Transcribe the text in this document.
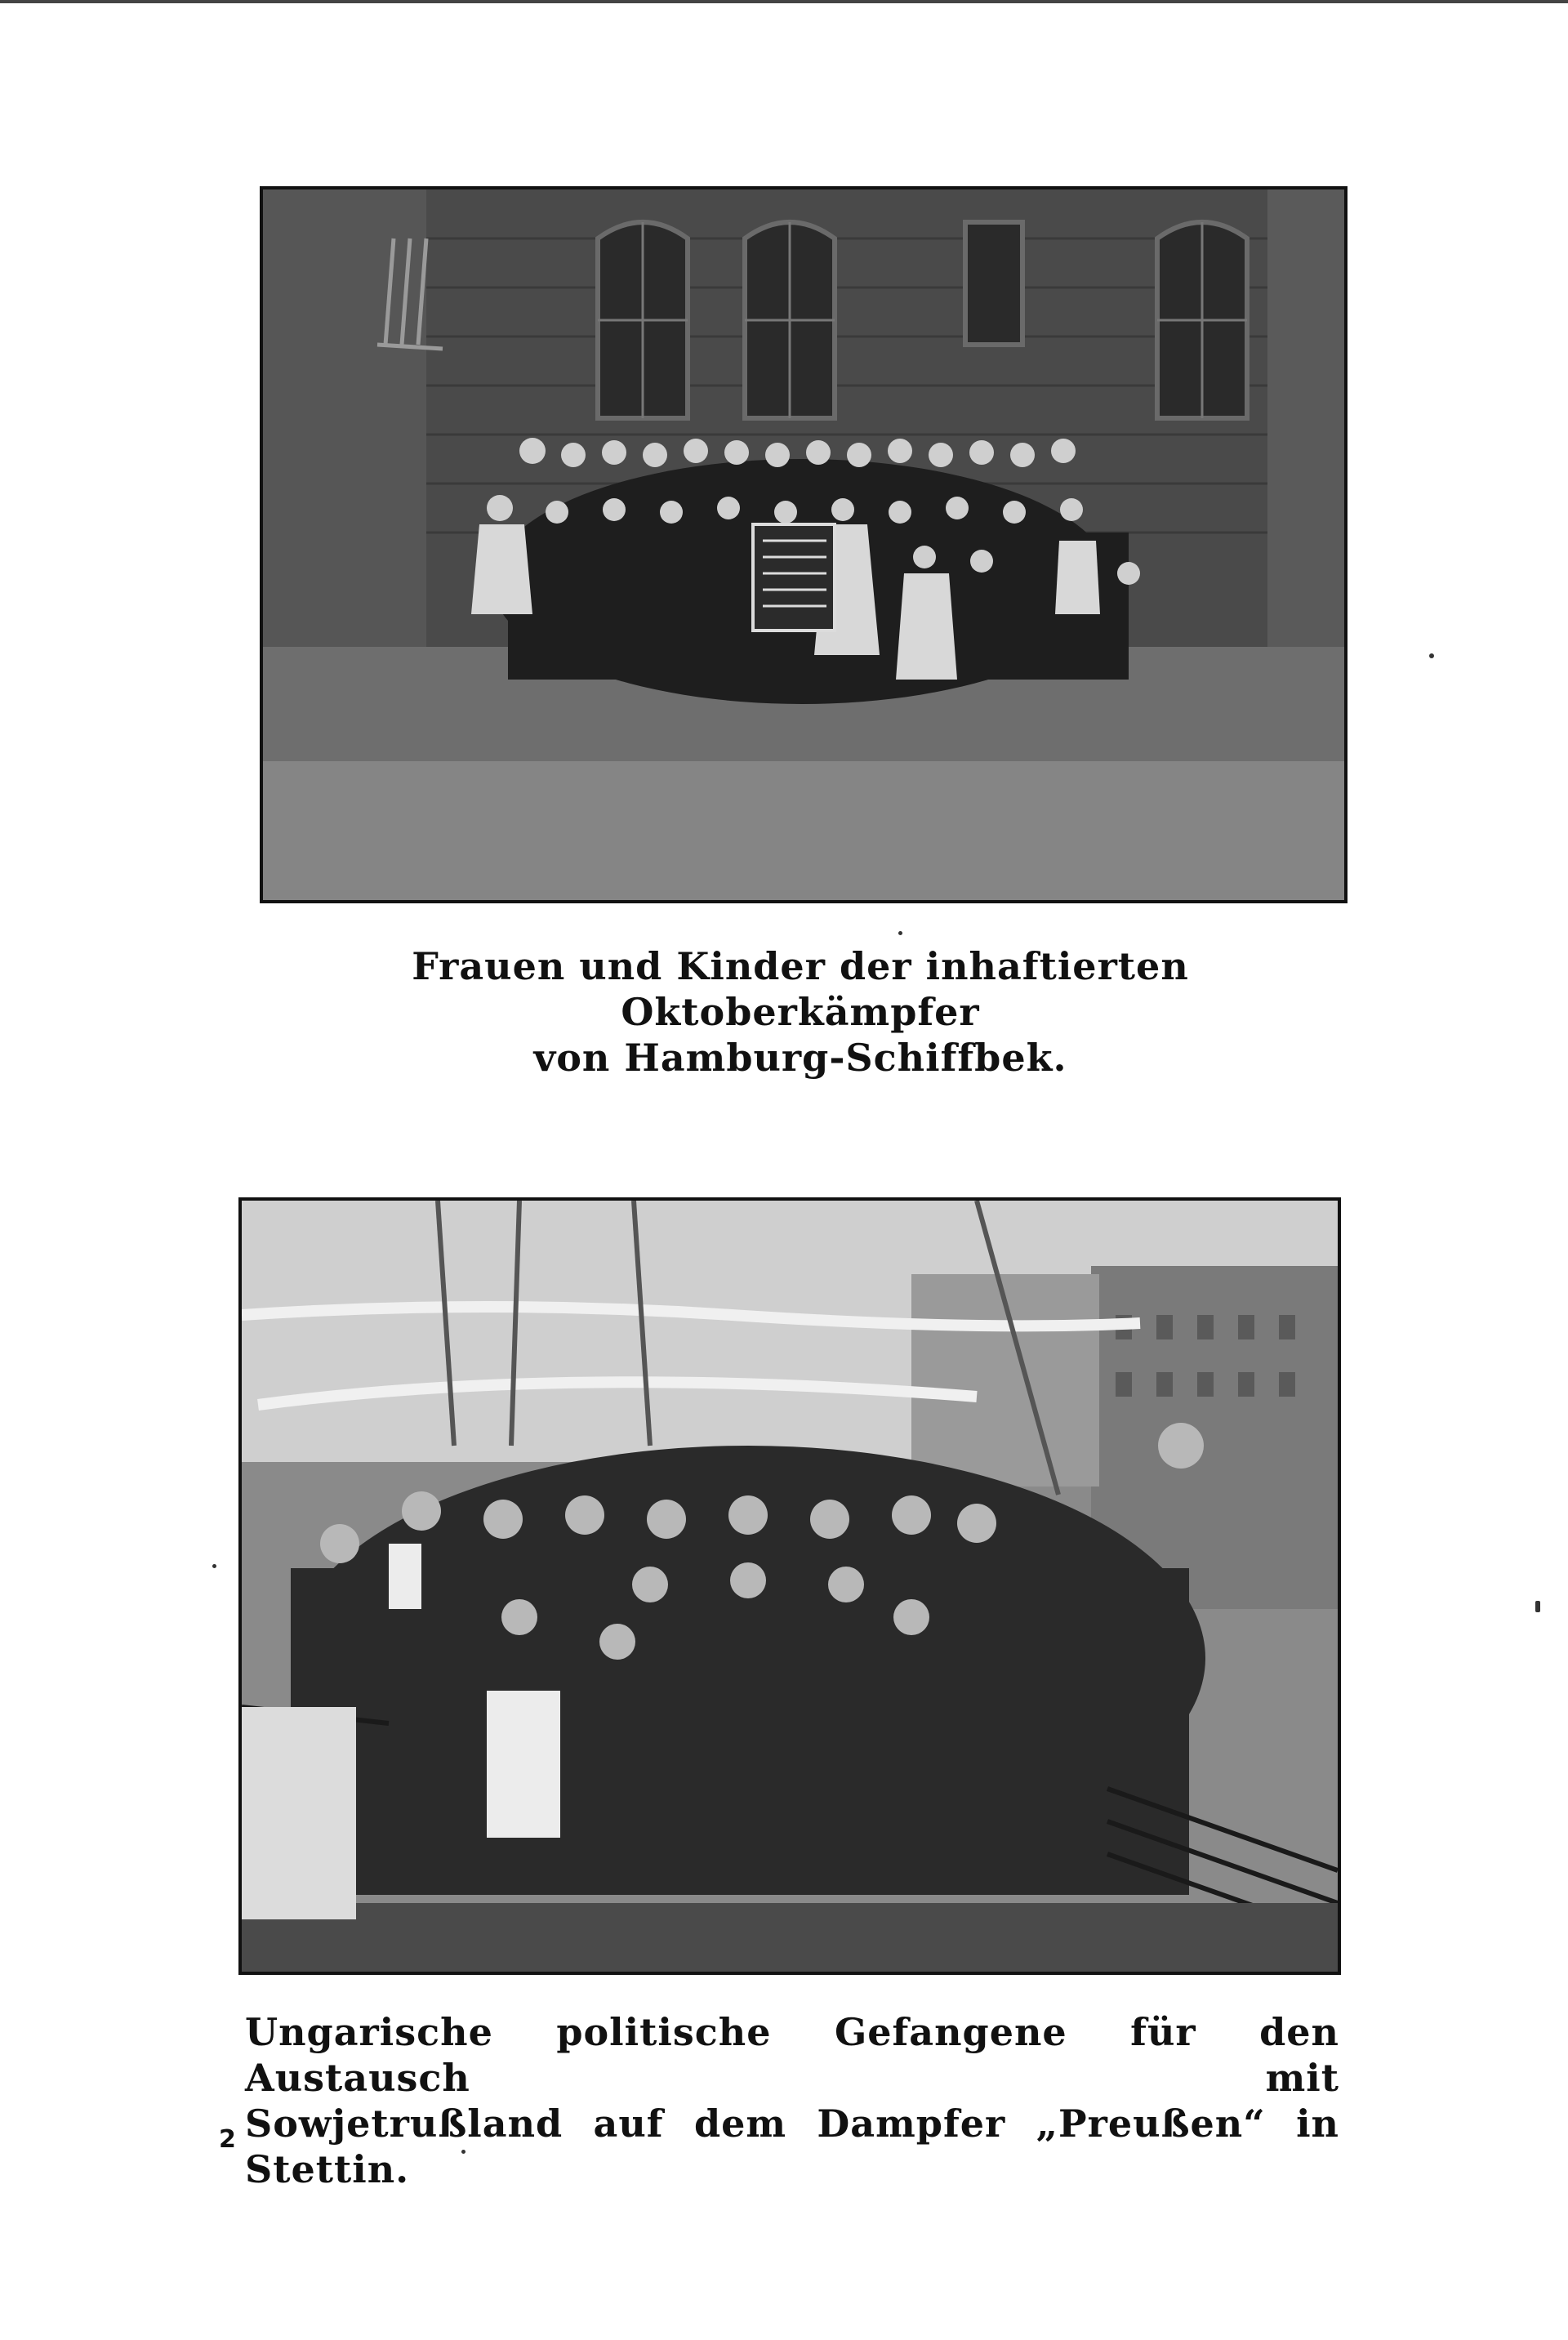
Frauen und Kinder der inhaftierten Oktoberkämpfer
von Hamburg-Schiffbek.
Ungarische politische Gefangene für den Austausch mit
Sowjetrußland auf dem Dampfer „Preußen“ in Stettin.
2
